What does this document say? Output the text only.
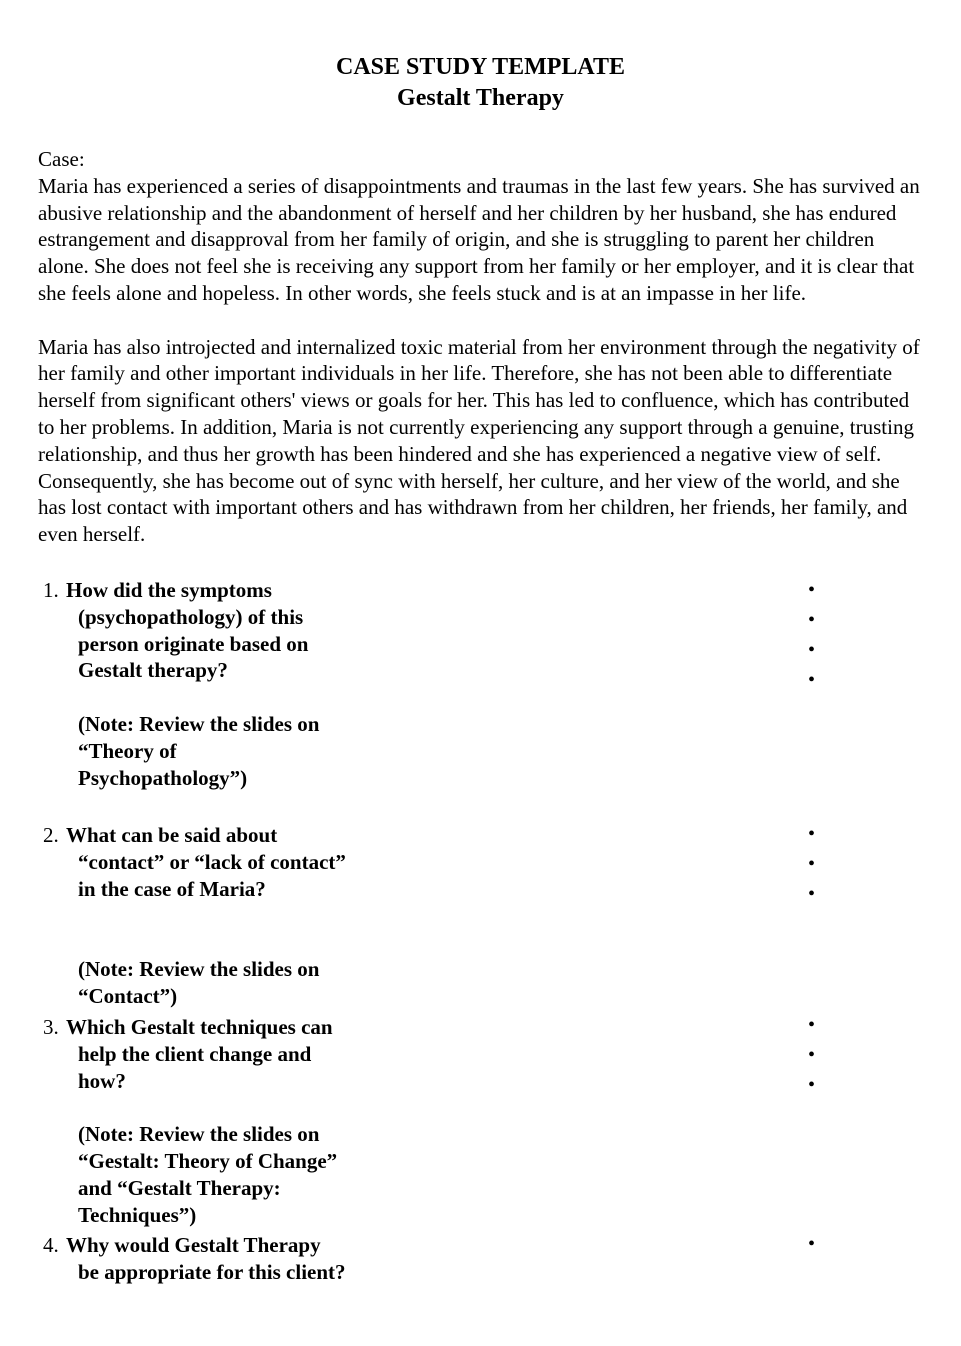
CASE STUDY TEMPLATE
Gestalt Therapy

Case:

Maria has experienced a series of disappointments and traumas in the last few years. She has survived an abusive relationship and the abandonment of herself and her children by her husband, she has endured estrangement and disapproval from her family of origin, and she is struggling to parent her children alone. She does not feel she is receiving any support from her family or her employer, and it is clear that she feels alone and hopeless. In other words, she feels stuck and is at an impasse in her life.

Maria has also introjected and internalized toxic material from her environment through the negativity of her family and other important individuals in her life. Therefore, she has not been able to differentiate herself from significant others' views or goals for her. This has led to confluence, which has contributed to her problems. In addition, Maria is not currently experiencing any support through a genuine, trusting relationship, and thus her growth has been hindered and she has experienced a negative view of self. Consequently, she has become out of sync with herself, her culture, and her view of the world, and she has lost contact with important others and has withdrawn from her children, her friends, her family, and even herself.

1. How did the symptoms
(psychopathology) of this
person originate based on
Gestalt therapy?
(Note: Review the slides on
“Theory of
Psychopathology”)
•
•
•
•
2. What can be said about
“contact” or “lack of contact”
in the case of Maria?
(Note: Review the slides on
“Contact”)
•
•
•
3. Which Gestalt techniques can
help the client change and
how?
(Note: Review the slides on
“Gestalt: Theory of Change”
and “Gestalt Therapy:
Techniques”)
•
•
•
4. Why would Gestalt Therapy
be appropriate for this client?
•
